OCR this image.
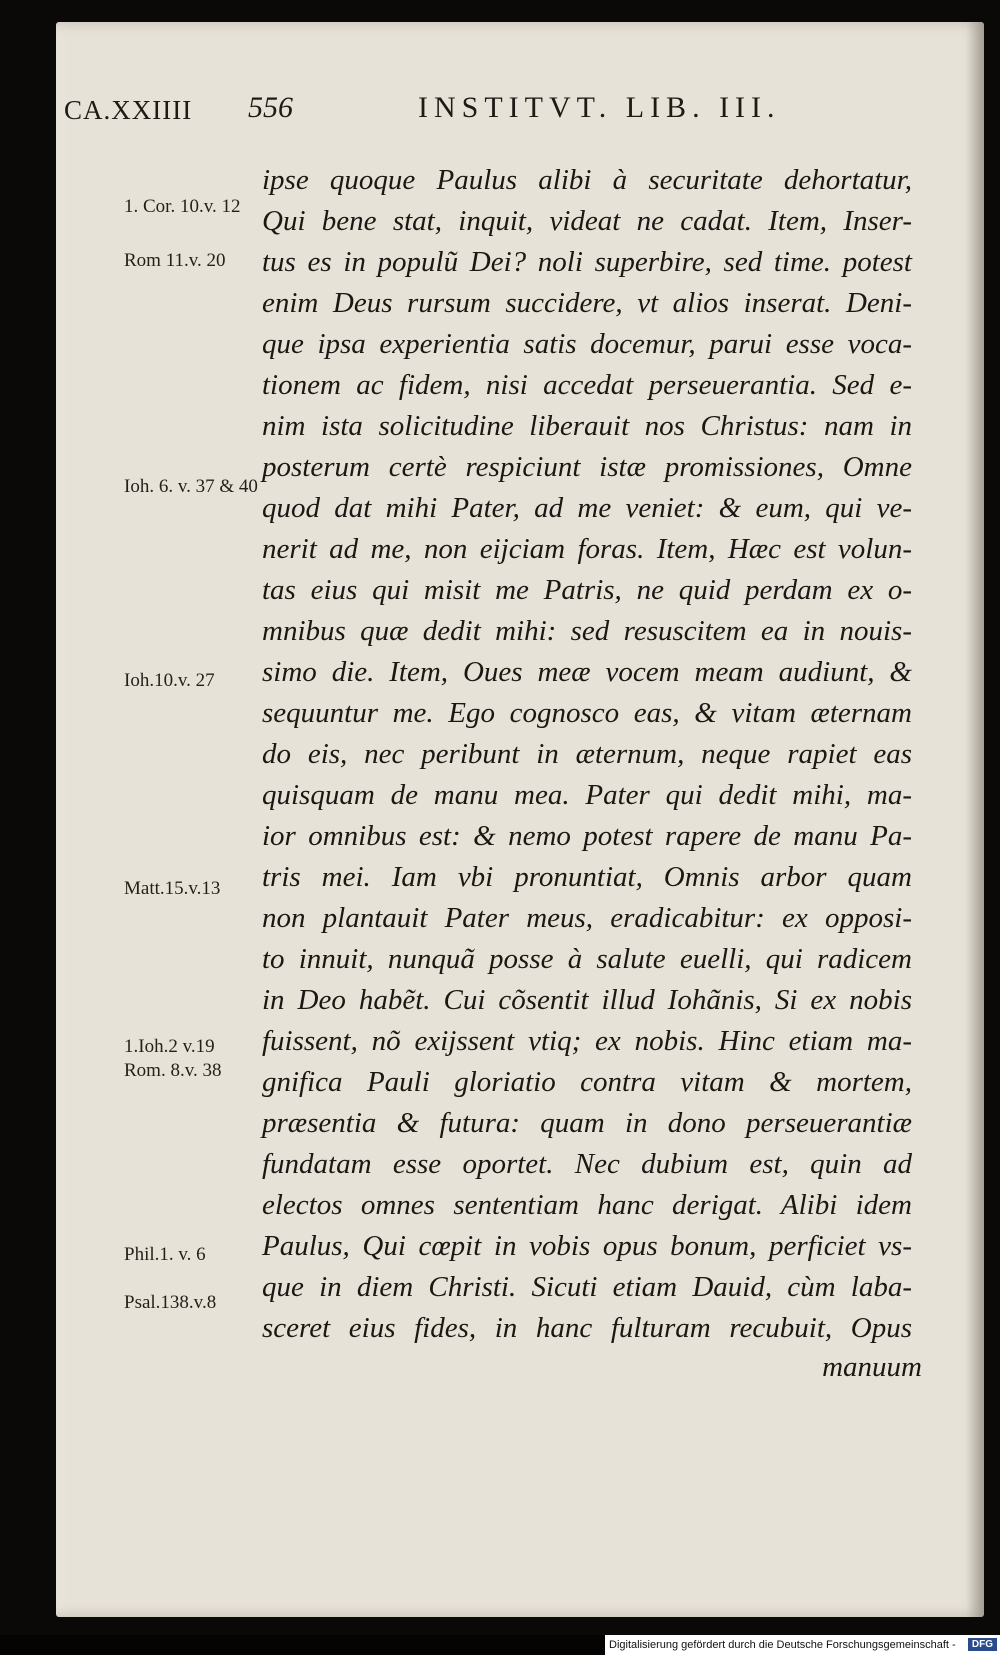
CA.XXIIII 556	INSTITVT. LIB. III.
1. Cor. 10.v. 12
Rom 11.v. 20
Ioh. 6. v. 37 & 40
Ioh.10.v. 27
Matt.15.v.13
1.Ioh.2 v.19
Rom. 8.v. 38
Phil.1. v. 6
Psal.138.v.8
ipse quoque Paulus alibi à securitate dehortatur,
Qui bene stat, inquit, videat ne cadat. Item, Inser-
tus es in populũ Dei? noli superbire, sed time. potest
enim Deus rursum succidere, vt alios inserat. Deni-
que ipsa experientia satis docemur, parui esse voca-
tionem ac fidem, nisi accedat perseuerantia. Sed e-
nim ista solicitudine liberauit nos Christus: nam in
posterum certè respiciunt istæ promissiones, Omne
quod dat mihi Pater, ad me veniet: & eum, qui ve-
nerit ad me, non eijciam foras. Item, Hæc est volun-
tas eius qui misit me Patris, ne quid perdam ex o-
mnibus quæ dedit mihi: sed resuscitem ea in nouis-
simo die. Item, Oues meæ vocem meam audiunt, &
sequuntur me. Ego cognosco eas, & vitam æternam
do eis, nec peribunt in æternum, neque rapiet eas
quisquam de manu mea. Pater qui dedit mihi, ma-
ior omnibus est: & nemo potest rapere de manu Pa-
tris mei. Iam vbi pronuntiat, Omnis arbor quam
non plantauit Pater meus, eradicabitur: ex opposi-
to innuit, nunquã posse à salute euelli, qui radicem
in Deo habẽt. Cui cõsentit illud Iohãnis, Si ex nobis
fuissent, nõ exijssent vtiq; ex nobis. Hinc etiam ma-
gnifica Pauli gloriatio contra vitam & mortem,
præsentia & futura: quam in dono perseuerantiæ
fundatam esse oportet. Nec dubium est, quin ad
electos omnes sententiam hanc derigat. Alibi idem
Paulus, Qui cœpit in vobis opus bonum, perficiet vs-
que in diem Christi. Sicuti etiam Dauid, cùm laba-
sceret eius fides, in hanc fulturam recubuit, Opus
manuum
Digitalisierung gefördert durch die Deutsche Forschungsgemeinschaft -	DFG
